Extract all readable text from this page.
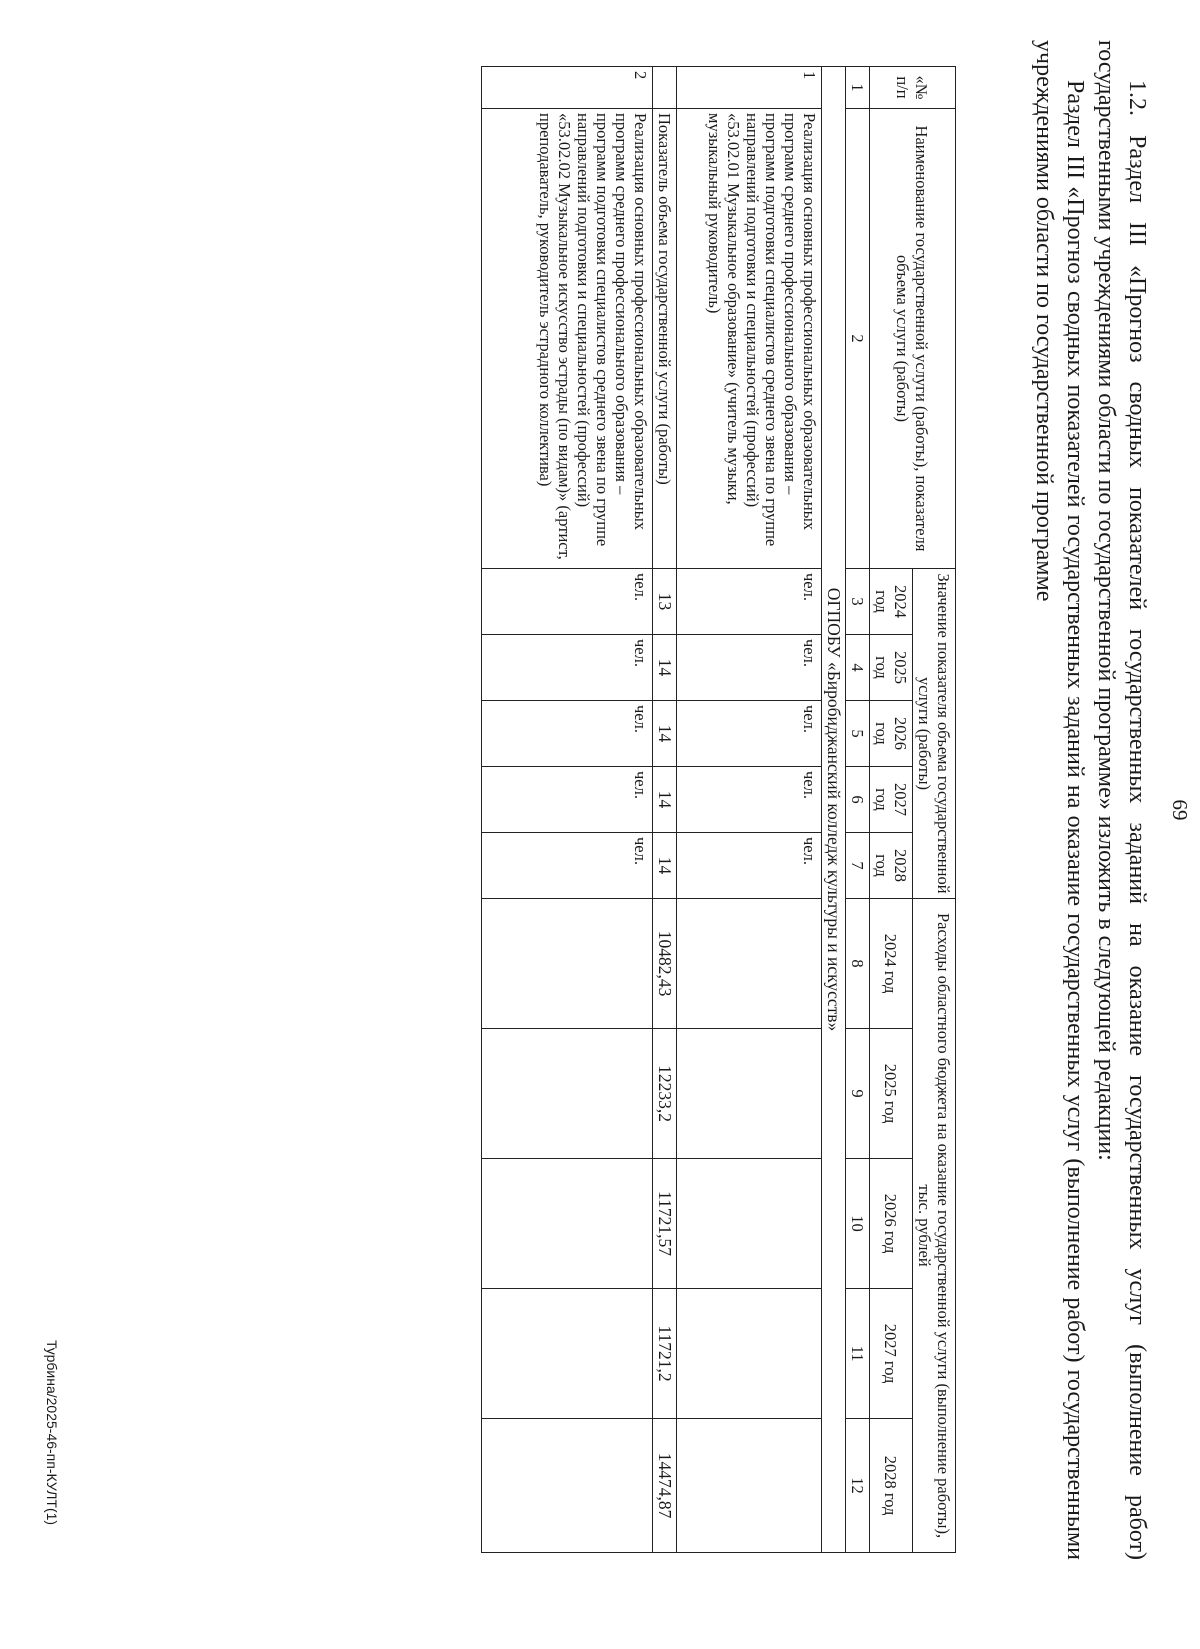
69

1.2. Раздел III «Прогноз сводных показателей государственных заданий на оказание государственных услуг (выполнение работ) государственными учреждениями области по государственной программе» изложить в следующей редакции:

Раздел III «Прогноз сводных показателей государственных заданий на оказание государственных услуг (выполнение работ) государственными учреждениями области по государственной программе

«№ п/п	Наименование государственной услуги (работы), показателя объема услуги (работы)	Значение показателя объема государственной услуги (работы)					Расходы областного бюджета на оказание государственной услуги (выполнение работы), тыс. рублей				
		2024 год	2025 год	2026 год	2027 год	2028 год	2024 год	2025 год	2026 год	2027 год	2028 год
1	2	3	4	5	6	7	8	9	10	11	12
ОГПОБУ «Биробиджанский колледж культуры и искусств»											
1	Реализация основных профессиональных образовательных программ среднего профессионального образования – программ подготовки специалистов среднего звена по группе направлений подготовки и специальностей (профессий) «53.02.01 Музыкальное образование» (учитель музыки, музыкальный руководитель)	чел.	чел.	чел.	чел.	чел.					
	Показатель объема государственной услуги (работы)	13	14	14	14	14	10482,43	12233,2	11721,57	11721,2	14474,87
2	Реализация основных профессиональных образовательных программ среднего профессионального образования – программ подготовки специалистов среднего звена по группе направлений подготовки и специальностей (профессий) «53.02.02 Музыкальное искусство эстрады (по видам)» (артист, преподаватель, руководитель эстрадного коллектива)	чел.	чел.	чел.	чел.	чел.					
Турбина/2025-46-пп-КУЛТ(1)
